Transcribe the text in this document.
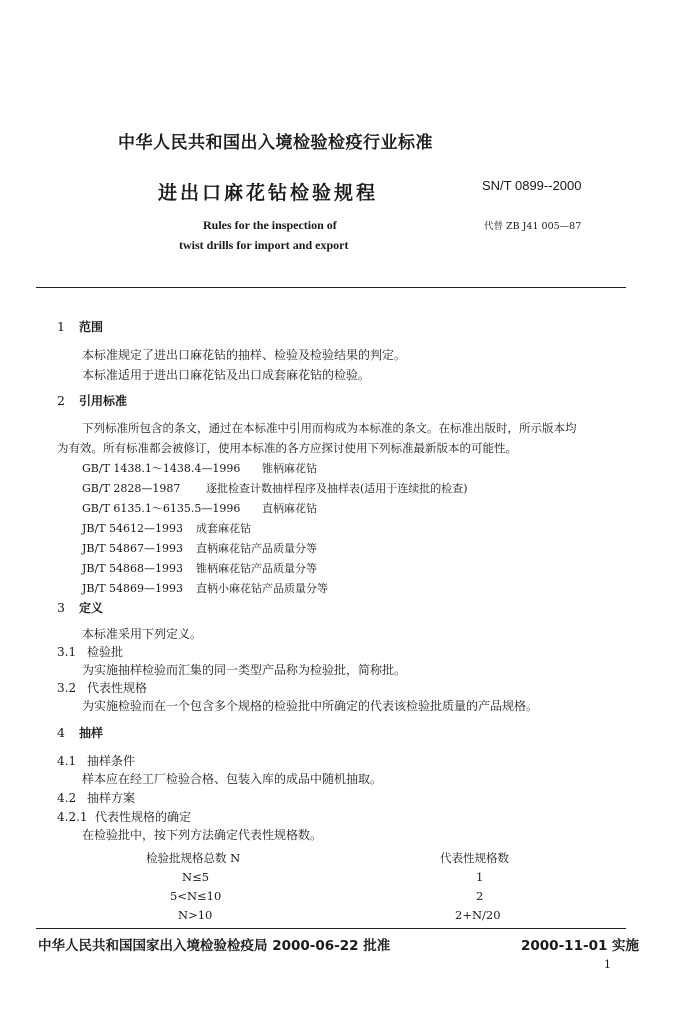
中华人民共和国出入境检验检疫行业标准
进出口麻花钻检验规程	SN/T 0899--2000
Rules for the inspection of
twist drills for import and export
代替 ZB J41 005—87
1 范围
本标准规定了进出口麻花钻的抽样、检验及检验结果的判定。
本标准适用于进出口麻花钻及出口成套麻花钻的检验。
2 引用标准
下列标准所包含的条文，通过在本标准中引用而构成为本标准的条文。在标准出版时，所示版本均
为有效。所有标准都会被修订，使用本标准的各方应探讨使用下列标准最新版本的可能性。
GB/T 1438.1～1438.4—1996 锥柄麻花钻
GB/T 2828—1987 逐批检查计数抽样程序及抽样表(适用于连续批的检查)
GB/T 6135.1～6135.5—1996 直柄麻花钻
JB/T 54612—1993 成套麻花钻
JB/T 54867—1993 直柄麻花钻产品质量分等
JB/T 54868—1993 锥柄麻花钻产品质量分等
JB/T 54869—1993 直柄小麻花钻产品质量分等
3 定义
本标准采用下列定义。
3.1 检验批
为实施抽样检验而汇集的同一类型产品称为检验批，简称批。
3.2 代表性规格
为实施检验而在一个包含多个规格的检验批中所确定的代表该检验批质量的产品规格。
4 抽样
4.1 抽样条件
样本应在经工厂检验合格、包装入库的成品中随机抽取。
4.2 抽样方案
4.2.1 代表性规格的确定
在检验批中，按下列方法确定代表性规格数。
检验批规格总数 N	代表性规格数
N≤5	1
5<N≤10	2
N>10	2+N/20
中华人民共和国国家出入境检验检疫局 2000-06-22 批准	2000-11-01 实施
1
